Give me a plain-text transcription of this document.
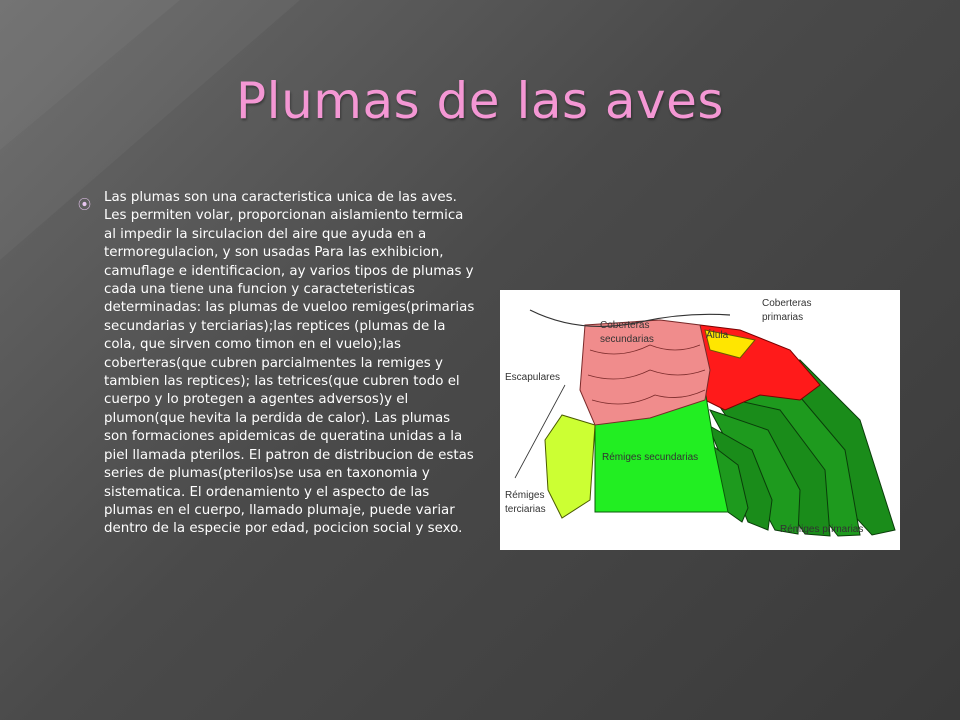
Plumas de las aves
⦿

Las plumas son una caracteristica unica de las aves. Les permiten volar, proporcionan aislamiento termica al impedir la sirculacion del aire que ayuda en a termoregulacion, y son usadas Para las exhibicion, camuflage e identificacion, ay varios tipos de plumas y cada una tiene una funcion y caracteteristicas determinadas: las plumas de vueloo remiges(primarias secundarias y terciarias);las reptices (plumas de la cola, que sirven como timon en el vuelo);las coberteras(que cubren parcialmentes la remiges y tambien las reptices); las tetrices(que cubren todo el cuerpo y lo protegen a agentes adversos)y el plumon(que hevita la perdida de calor). Las plumas son formaciones apidemicas de queratina unidas a la piel llamada pterilos. El patron de distribucion de estas series de plumas(pterilos)se usa en taxonomia y sistematica. El ordenamiento y el aspecto de las plumas en el cuerpo, llamado plumaje, puede variar dentro de la especie por edad, pocicion social y sexo.

Coberteras
secundarias
Coberteras
primarias
Álula
Escapulares
Rémiges secundarias
Rémiges
terciarias
Rémiges primarias
